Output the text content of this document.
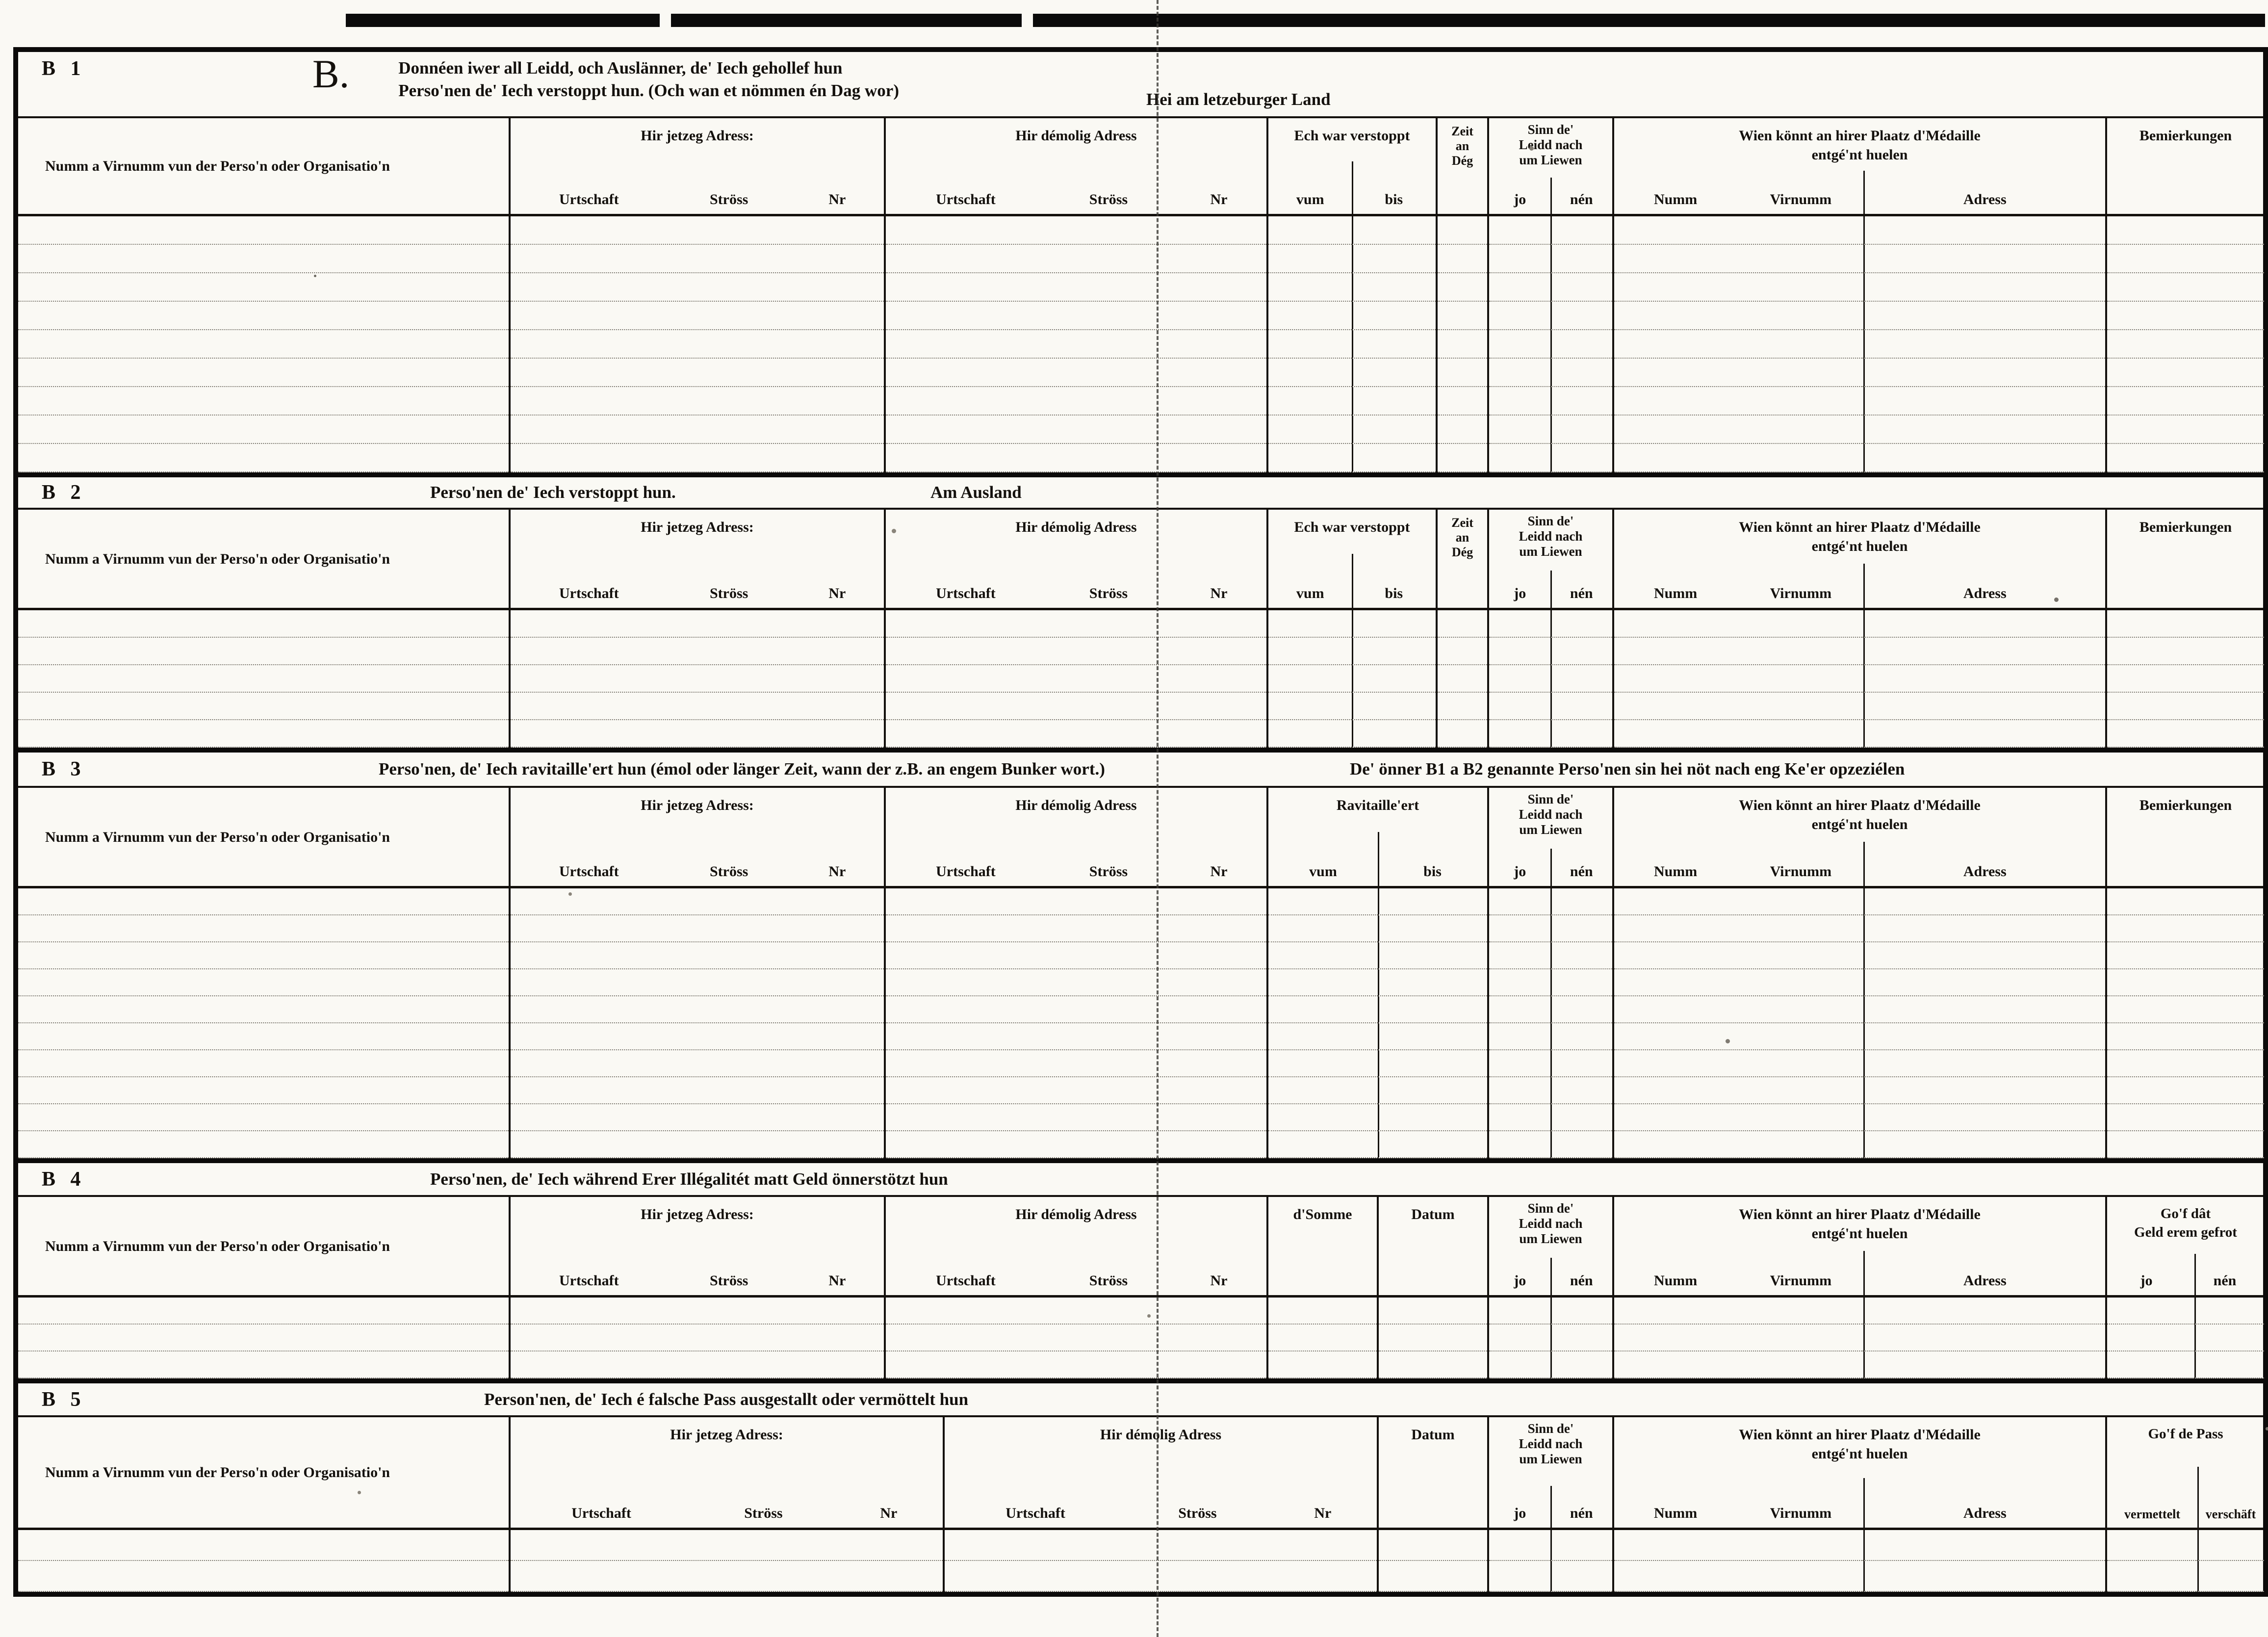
B 1	B.	Donnéen iwer all Leidd, och Auslänner, de' Iech gehollef hun
Perso'nen de' Iech verstoppt hun. (Och wan et nömmen én Dag wor)	Hei am letzeburger Land
Numm a Virnumm vun der Perso'n oder Organisatio'n
Hir jetzeg Adress:
Urtschaft	Ströss	Nr
Hir démolig Adress
Urtschaft	Ströss	Nr
Ech war verstoppt
vum	bis
Zeit
an
Dég
Sinn de'
Leidd nach
um Liewen
jo	nén
Wien könnt an hirer Plaatz d'Médaille
entgé'nt huelen
Numm	Virnumm	Adress
Bemierkungen
B 2	Perso'nen de' Iech verstoppt hun.	Am Ausland
Numm a Virnumm vun der Perso'n oder Organisatio'n
Hir jetzeg Adress:
Urtschaft	Ströss	Nr
Hir démolig Adress
Urtschaft	Ströss	Nr
Ech war verstoppt
vum	bis
Zeit
an
Dég
Sinn de'
Leidd nach
um Liewen
jo	nén
Wien könnt an hirer Plaatz d'Médaille
entgé'nt huelen
Numm	Virnumm	Adress
Bemierkungen
B 3	Perso'nen, de' Iech ravitaille'ert hun (émol oder länger Zeit, wann der z.B. an engem Bunker wort.)	De' önner B1 a B2 genannte Perso'nen sin hei nöt nach eng Ke'er opzeziélen
Numm a Virnumm vun der Perso'n oder Organisatio'n
Hir jetzeg Adress:
Urtschaft	Ströss	Nr
Hir démolig Adress
Urtschaft	Ströss	Nr
Ravitaille'ert
vum	bis
Sinn de'
Leidd nach
um Liewen
jo	nén
Wien könnt an hirer Plaatz d'Médaille
entgé'nt huelen
Numm	Virnumm	Adress
Bemierkungen
B 4	Perso'nen, de' Iech während Erer Illégalitét matt Geld önnerstötzt hun
Numm a Virnumm vun der Perso'n oder Organisatio'n
Hir jetzeg Adress:
Urtschaft	Ströss	Nr
Hir démolig Adress
Urtschaft	Ströss	Nr
d'Somme	Datum	Sinn de'
Leidd nach
um Liewen
jo	nén
Wien könnt an hirer Plaatz d'Médaille
entgé'nt huelen
Numm	Virnumm	Adress
Go'f dât
Geld erem gefrot
jo	nén
B 5	Person'nen, de' Iech é falsche Pass ausgestallt oder vermöttelt hun
Numm a Virnumm vun der Perso'n oder Organisatio'n
Hir jetzeg Adress:
Urtschaft	Ströss	Nr
Hir démolig Adress
Urtschaft	Ströss	Nr
Datum	Sinn de'
Leidd nach
um Liewen
jo	nén
Wien könnt an hirer Plaatz d'Médaille
entgé'nt huelen
Numm	Virnumm	Adress
Go'f de Pass
vermettelt	verschäft
